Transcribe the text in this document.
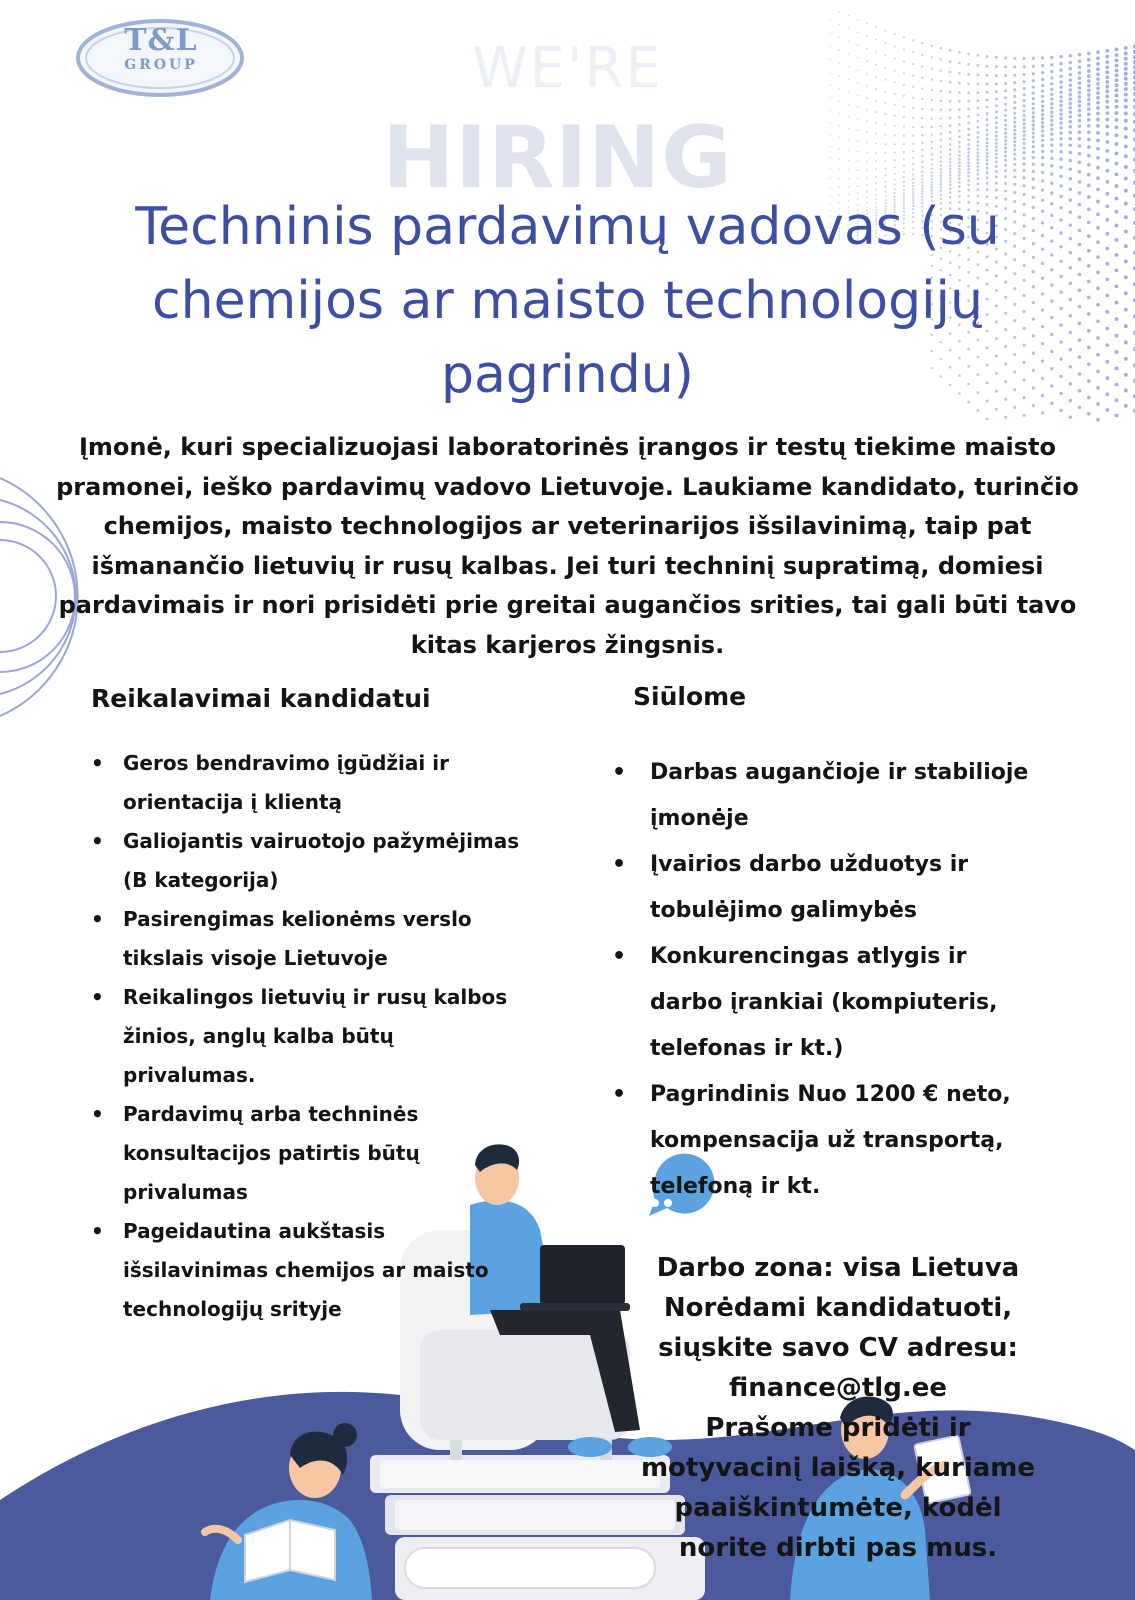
T&L
GROUP	WE'RE
HIRING
Techninis pardavimų vadovas (su chemijos ar maisto technologijų pagrindu)
Įmonė, kuri specializuojasi laboratorinės įrangos ir testų tiekime maisto pramonei, ieško pardavimų vadovo Lietuvoje. Laukiame kandidato, turinčio chemijos, maisto technologijos ar veterinarijos išsilavinimą, taip pat išmanančio lietuvių ir rusų kalbas. Jei turi techninį supratimą, domiesi pardavimais ir nori prisidėti prie greitai augančios srities, tai gali būti tavo kitas karjeros žingsnis.
Reikalavimai kandidatui
• Geros bendravimo įgūdžiai ir orientacija į klientą
• Galiojantis vairuotojo pažymėjimas (B kategorija)
• Pasirengimas kelionėms verslo tikslais visoje Lietuvoje
• Reikalingos lietuvių ir rusų kalbos žinios, anglų kalba būtų privalumas.
• Pardavimų arba techninės konsultacijos patirtis būtų privalumas
• Pageidautina aukštasis išsilavinimas chemijos ar maisto technologijų srityje
Siūlome
• Darbas augančioje ir stabilioje įmonėje
• Įvairios darbo užduotys ir tobulėjimo galimybės
• Konkurencingas atlygis ir darbo įrankiai (kompiuteris, telefonas ir kt.)
• Pagrindinis Nuo 1200 € neto, kompensacija už transportą, telefoną ir kt.
Darbo zona: visa Lietuva
Norėdami kandidatuoti, siųskite savo CV adresu:
finance@tlg.ee
Prašome pridėti ir motyvacinį laišką, kuriame paaiškintumėte, kodėl norite dirbti pas mus.
